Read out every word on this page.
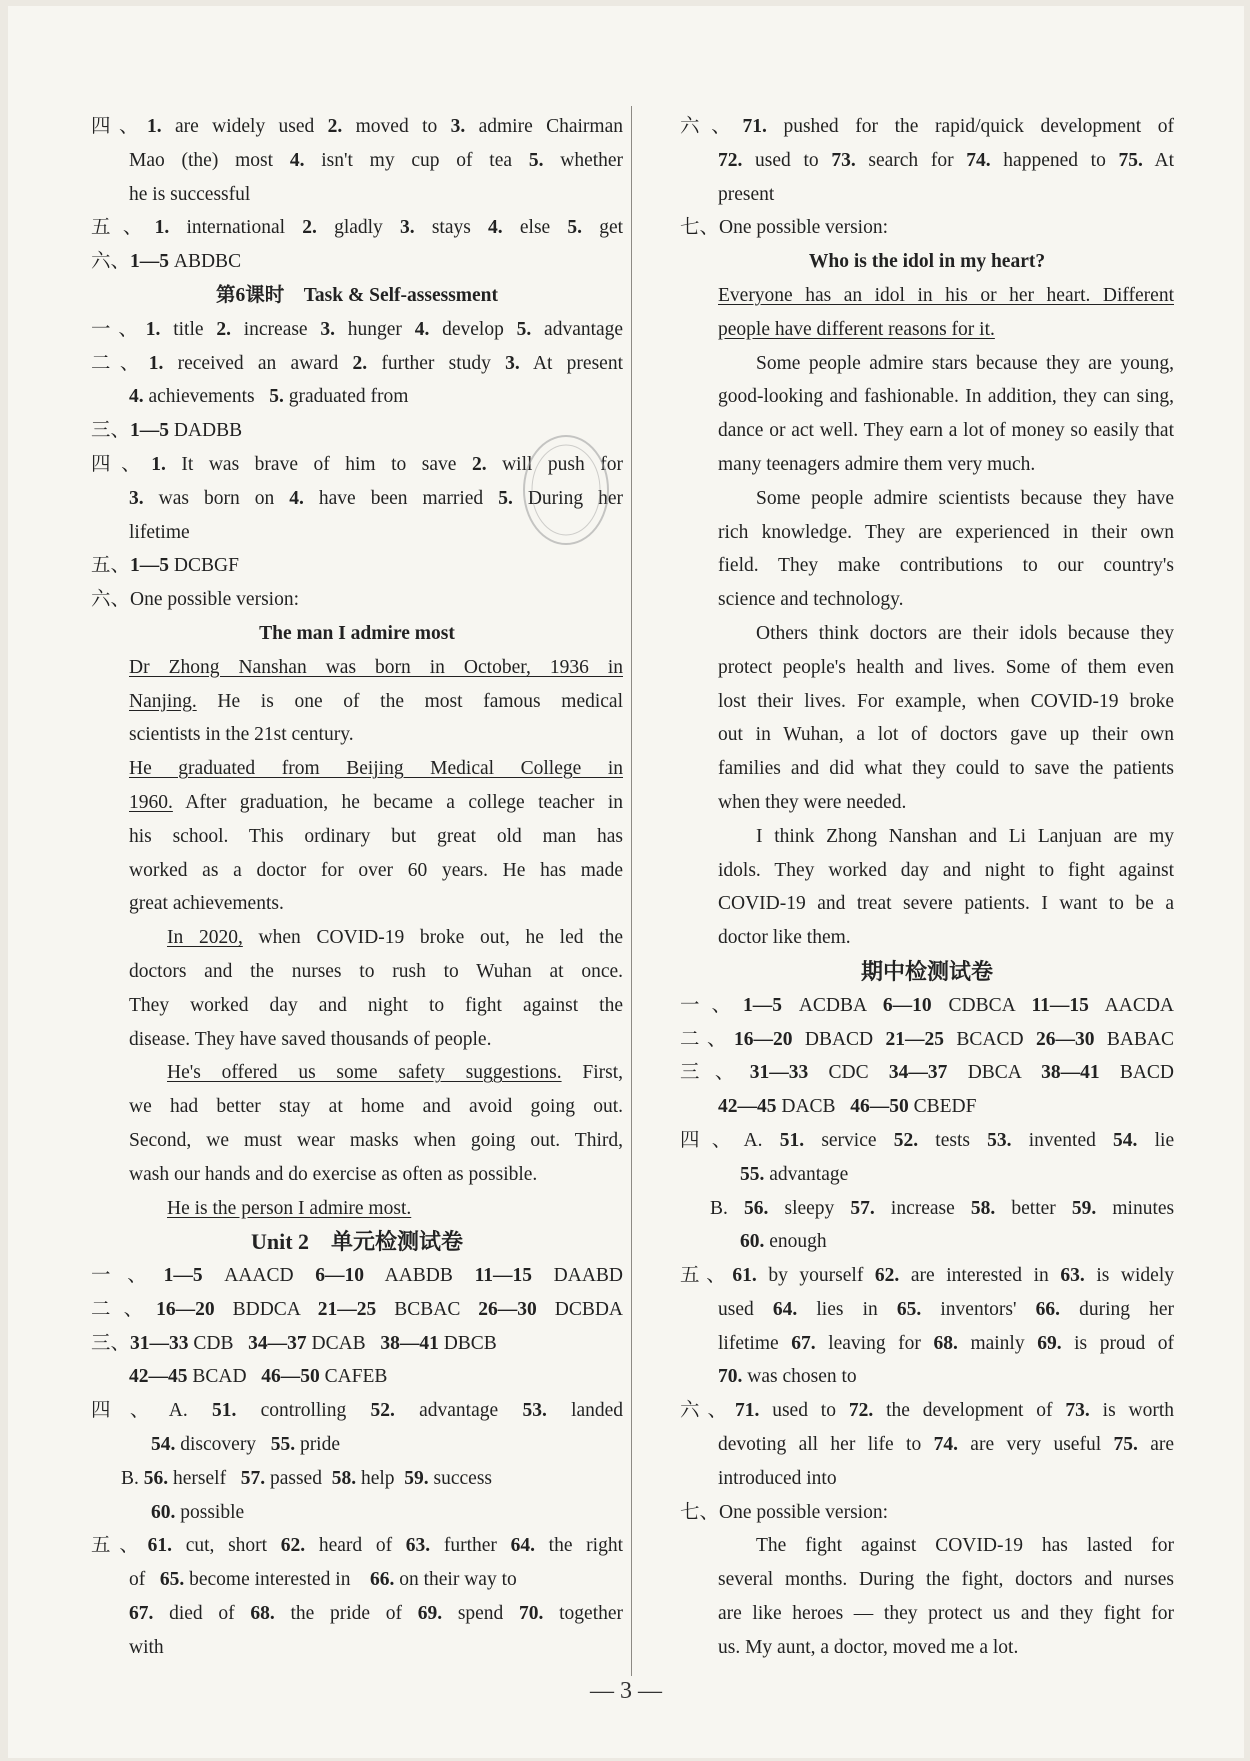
四、1. are widely used 2. moved to 3. admire Chairman
Mao (the) most 4. isn't my cup of tea 5. whether
he is successful
五、1. international 2. gladly 3. stays 4. else 5. get
六、1—5 ABDBC
第6课时　Task & Self-assessment
一、1. title 2. increase 3. hunger 4. develop 5. advantage
二、1. received an award 2. further study 3. At present
4. achievements 5. graduated from
三、1—5 DADBB
四、1. It was brave of him to save 2. will push for
3. was born on 4. have been married 5. During her
lifetime
五、1—5 DCBGF
六、One possible version:
The man I admire most
Dr Zhong Nanshan was born in October, 1936 in
Nanjing. He is one of the most famous medical
scientists in the 21st century.
He graduated from Beijing Medical College in
1960. After graduation, he became a college teacher in
his school. This ordinary but great old man has
worked as a doctor for over 60 years. He has made
great achievements.
In 2020, when COVID-19 broke out, he led the
doctors and the nurses to rush to Wuhan at once.
They worked day and night to fight against the
disease. They have saved thousands of people.
He's offered us some safety suggestions. First,
we had better stay at home and avoid going out.
Second, we must wear masks when going out. Third,
wash our hands and do exercise as often as possible.
He is the person I admire most.
Unit 2　单元检测试卷
一、1—5 AAACD 6—10 AABDB 11—15 DAABD
二、16—20 BDDCA 21—25 BCBAC 26—30 DCBDA
三、31—33 CDB 34—37 DCAB 38—41 DBCB
42—45 BCAD 46—50 CAFEB
四、A. 51. controlling 52. advantage 53. landed
54. discovery 55. pride
B. 56. herself 57. passed 58. help 59. success
60. possible
五、61. cut, short 62. heard of 63. further 64. the right
of 65. become interested in 66. on their way to
67. died of 68. the pride of 69. spend 70. together
with
六、71. pushed for the rapid/quick development of
72. used to 73. search for 74. happened to 75. At
present
七、One possible version:
Who is the idol in my heart?
Everyone has an idol in his or her heart. Different
people have different reasons for it.
Some people admire stars because they are young,
good-looking and fashionable. In addition, they can sing,
dance or act well. They earn a lot of money so easily that
many teenagers admire them very much.
Some people admire scientists because they have
rich knowledge. They are experienced in their own
field. They make contributions to our country's
science and technology.
Others think doctors are their idols because they
protect people's health and lives. Some of them even
lost their lives. For example, when COVID-19 broke
out in Wuhan, a lot of doctors gave up their own
families and did what they could to save the patients
when they were needed.
I think Zhong Nanshan and Li Lanjuan are my
idols. They worked day and night to fight against
COVID-19 and treat severe patients. I want to be a
doctor like them.
期中检测试卷
一、1—5 ACDBA 6—10 CDBCA 11—15 AACDA
二、16—20 DBACD 21—25 BCACD 26—30 BABAC
三、31—33 CDC 34—37 DBCA 38—41 BACD
42—45 DACB 46—50 CBEDF
四、A. 51. service 52. tests 53. invented 54. lie
55. advantage
B. 56. sleepy 57. increase 58. better 59. minutes
60. enough
五、61. by yourself 62. are interested in 63. is widely
used 64. lies in 65. inventors' 66. during her
lifetime 67. leaving for 68. mainly 69. is proud of
70. was chosen to
六、71. used to 72. the development of 73. is worth
devoting all her life to 74. are very useful 75. are
introduced into
七、One possible version:
The fight against COVID-19 has lasted for
several months. During the fight, doctors and nurses
are like heroes — they protect us and they fight for
us. My aunt, a doctor, moved me a lot.
— 3 —
